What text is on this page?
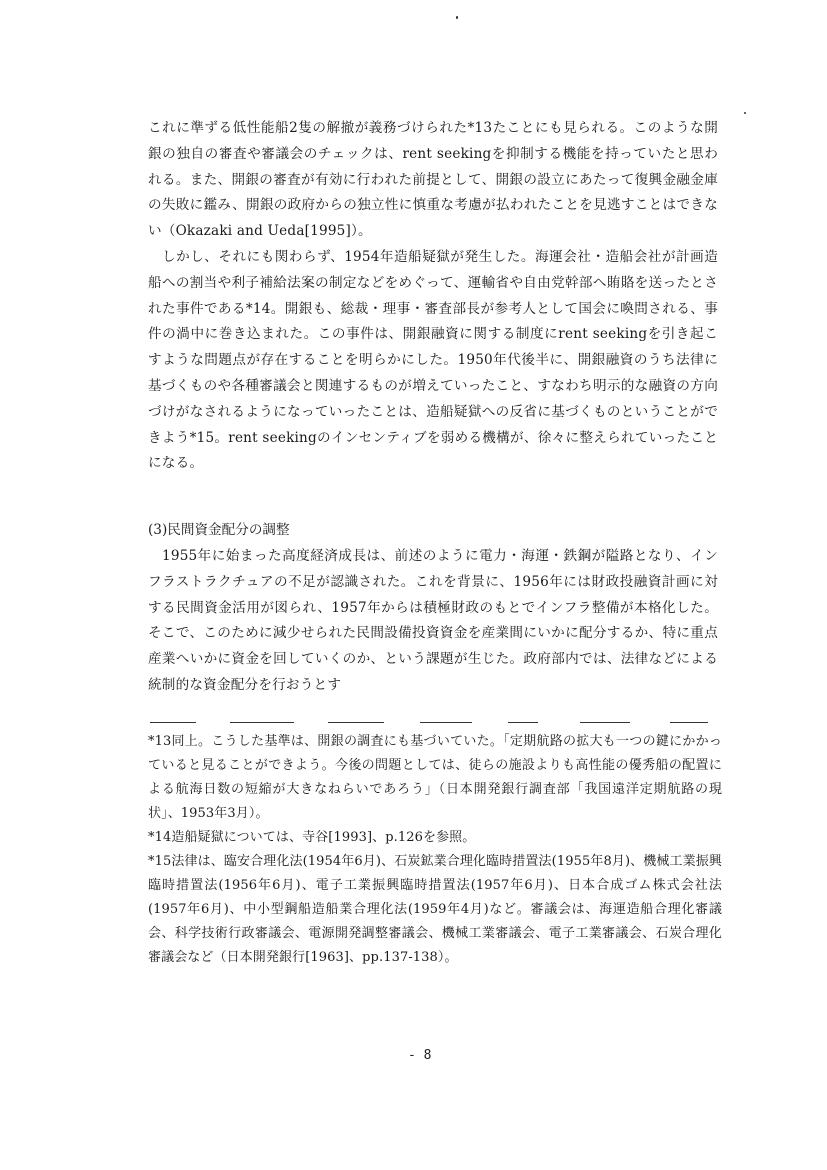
これに準ずる低性能船2隻の解撤が義務づけられた*13たことにも見られる。このような開銀の独自の審査や審議会のチェックは、rent seekingを抑制する機能を持っていたと思われる。また、開銀の審査が有効に行われた前提として、開銀の設立にあたって復興金融金庫の失敗に鑑み、開銀の政府からの独立性に慎重な考慮が払われたことを見逃すことはできない（Okazaki and Ueda[1995]）。

しかし、それにも関わらず、1954年造船疑獄が発生した。海運会社・造船会社が計画造船への割当や利子補給法案の制定などをめぐって、運輸省や自由党幹部へ賄賂を送ったとされた事件である*14。開銀も、総裁・理事・審査部長が参考人として国会に喚問される、事件の渦中に巻き込まれた。この事件は、開銀融資に関する制度にrent seekingを引き起こすような問題点が存在することを明らかにした。1950年代後半に、開銀融資のうち法律に基づくものや各種審議会と関連するものが増えていったこと、すなわち明示的な融資の方向づけがなされるようになっていったことは、造船疑獄への反省に基づくものということができよう*15。rent seekingのインセンティブを弱める機構が、徐々に整えられていったことになる。

(3)民間資金配分の調整

1955年に始まった高度経済成長は、前述のように電力・海運・鉄鋼が隘路となり、インフラストラクチュアの不足が認識された。これを背景に、1956年には財政投融資計画に対する民間資金活用が図られ、1957年からは積極財政のもとでインフラ整備が本格化した。そこで、このために減少せられた民間設備投資資金を産業間にいかに配分するか、特に重点産業へいかに資金を回していくのか、という課題が生じた。政府部内では、法律などによる統制的な資金配分を行おうとす

*13同上。こうした基準は、開銀の調査にも基づいていた。「定期航路の拡大も一つの鍵にかかっていると見ることができよう。今後の問題としては、徒らの施設よりも高性能の優秀船の配置による航海日数の短縮が大きなねらいであろう」（日本開発銀行調査部「我国遠洋定期航路の現状」、1953年3月）。

*14造船疑獄については、寺谷[1993]、p.126を参照。

*15法律は、臨安合理化法(1954年6月)、石炭鉱業合理化臨時措置法(1955年8月)、機械工業振興臨時措置法(1956年6月)、電子工業振興臨時措置法(1957年6月)、日本合成ゴム株式会社法(1957年6月)、中小型鋼船造船業合理化法(1959年4月)など。審議会は、海運造船合理化審議会、科学技術行政審議会、電源開発調整審議会、機械工業審議会、電子工業審議会、石炭合理化審議会など（日本開発銀行[1963]、pp.137-138）。

- 8
